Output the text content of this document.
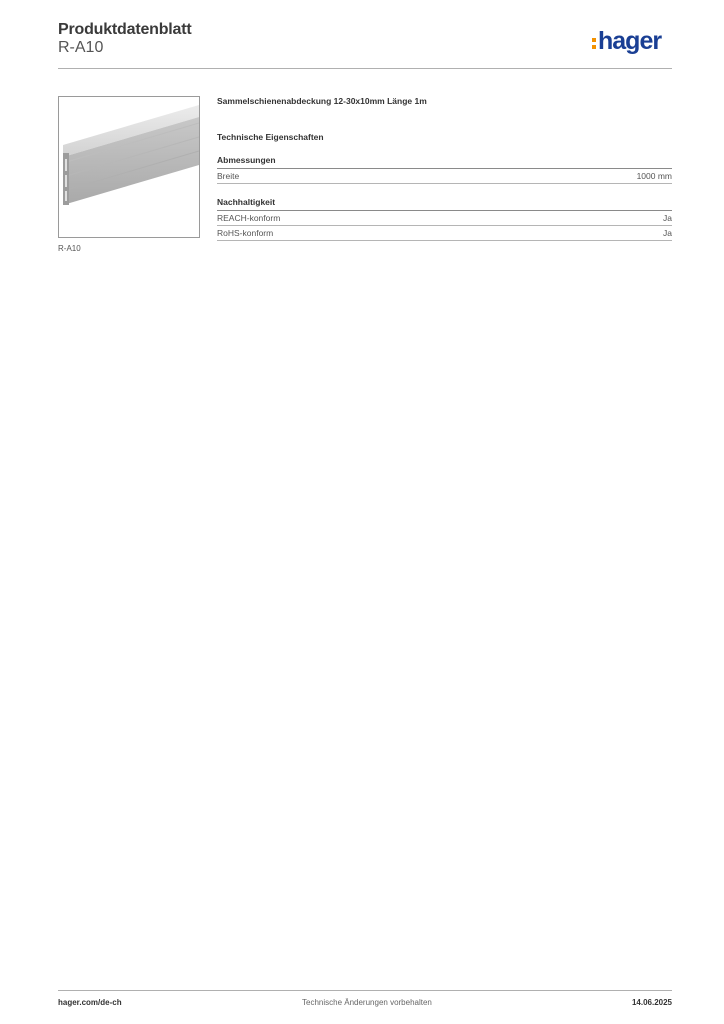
Produktdatenblatt
R-A10	hager
R-A10
Sammelschienenabdeckung 12-30x10mm Länge 1m
Technische Eigenschaften
Abmessungen
Breite	1000 mm
Nachhaltigkeit
REACH-konform	Ja
RoHS-konform	Ja
hager.com/de-ch	Technische Änderungen vorbehalten	14.06.2025
